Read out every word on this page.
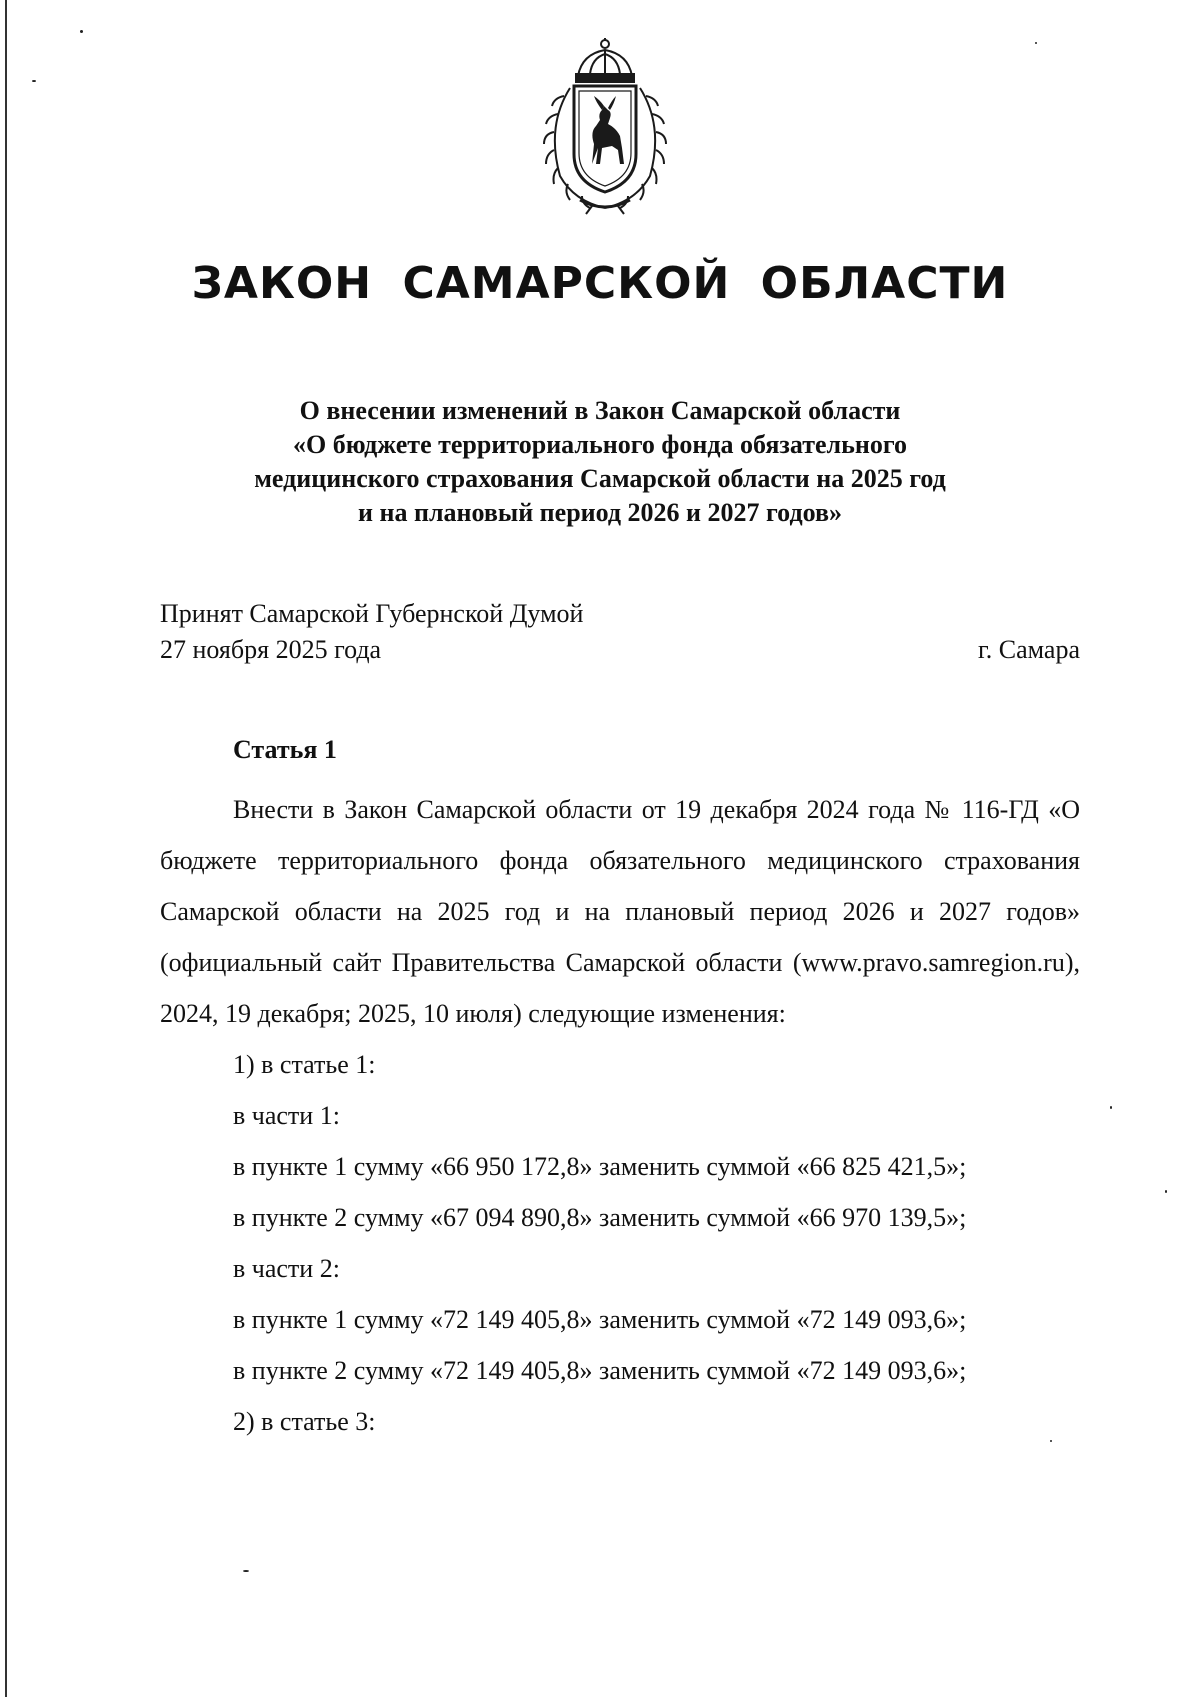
ЗАКОН САМАРСКОЙ ОБЛАСТИ
О внесении изменений в Закон Самарской области
«О бюджете территориального фонда обязательного
медицинского страхования Самарской области на 2025 год
и на плановый период 2026 и 2027 годов»
Принят Самарской Губернской Думой
27 ноября 2025 года	г. Самара
Статья 1
Внести в Закон Самарской области от 19 декабря 2024 года № 116-ГД «О бюджете территориального фонда обязательного медицинского страхования Самарской области на 2025 год и на плановый период 2026 и 2027 годов» (официальный сайт Правительства Самарской области (www.pravo.samregion.ru), 2024, 19 декабря; 2025, 10 июля) следующие изменения:
1) в статье 1:
в части 1:
в пункте 1 сумму «66 950 172,8» заменить суммой «66 825 421,5»;
в пункте 2 сумму «67 094 890,8» заменить суммой «66 970 139,5»;
в части 2:
в пункте 1 сумму «72 149 405,8» заменить суммой «72 149 093,6»;
в пункте 2 сумму «72 149 405,8» заменить суммой «72 149 093,6»;
2) в статье 3:
